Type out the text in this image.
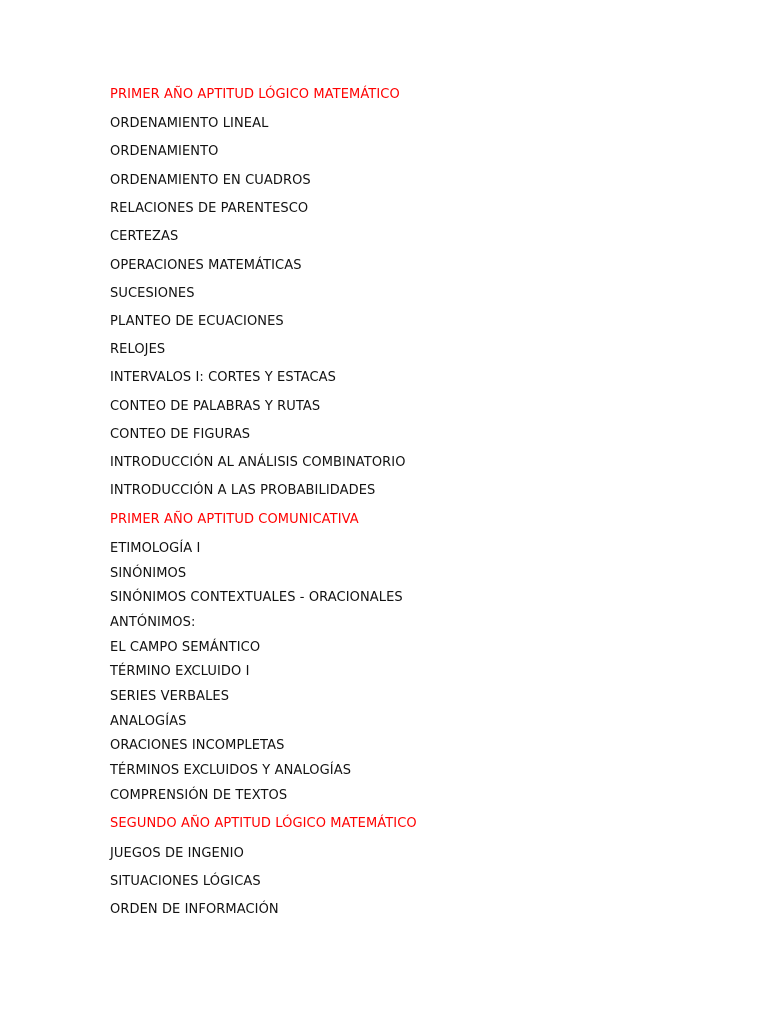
PRIMER AÑO APTITUD LÓGICO MATEMÁTICO
ORDENAMIENTO LINEAL
ORDENAMIENTO
ORDENAMIENTO EN CUADROS
RELACIONES DE PARENTESCO
CERTEZAS
OPERACIONES MATEMÁTICAS
SUCESIONES
PLANTEO DE ECUACIONES
RELOJES
INTERVALOS I: CORTES Y ESTACAS
CONTEO DE PALABRAS Y RUTAS
CONTEO DE FIGURAS
INTRODUCCIÓN AL ANÁLISIS COMBINATORIO
INTRODUCCIÓN A LAS PROBABILIDADES
PRIMER AÑO APTITUD COMUNICATIVA
ETIMOLOGÍA I
SINÓNIMOS
SINÓNIMOS CONTEXTUALES - ORACIONALES
ANTÓNIMOS:
EL CAMPO SEMÁNTICO
TÉRMINO EXCLUIDO I
SERIES VERBALES
ANALOGÍAS
ORACIONES INCOMPLETAS
TÉRMINOS EXCLUIDOS Y ANALOGÍAS
COMPRENSIÓN DE TEXTOS
SEGUNDO AÑO APTITUD LÓGICO MATEMÁTICO
JUEGOS DE INGENIO
SITUACIONES LÓGICAS
ORDEN DE INFORMACIÓN
